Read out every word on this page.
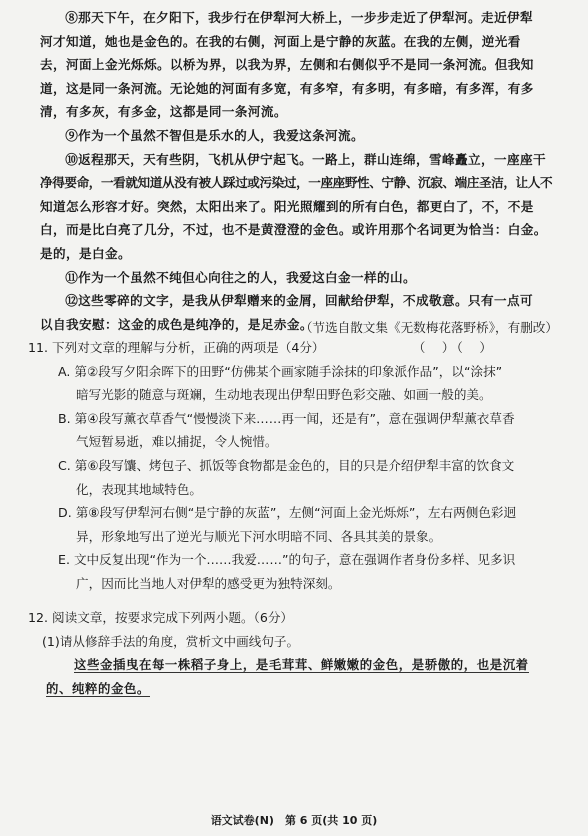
⑧那天下午，在夕阳下，我步行在伊犁河大桥上，一步步走近了伊犁河。走近伊犁
河才知道，她也是金色的。在我的右侧，河面上是宁静的灰蓝。在我的左侧，逆光看
去，河面上金光烁烁。以桥为界，以我为界，左侧和右侧似乎不是同一条河流。但我知
道，这是同一条河流。无论她的河面有多宽，有多窄，有多明，有多暗，有多浑，有多
清，有多灰，有多金，这都是同一条河流。

⑨作为一个虽然不智但是乐水的人，我爱这条河流。

⑩返程那天，天有些阴，飞机从伊宁起飞。一路上，群山连绵，雪峰矗立，一座座干
净得要命，一看就知道从没有被人踩过或污染过，一座座野性、宁静、沉寂、端庄圣洁，让人不
知道怎么形容才好。突然，太阳出来了。阳光照耀到的所有白色，都更白了，不，不是
白，而是比白亮了几分，不过，也不是黄澄澄的金色。或许用那个名词更为恰当：白金。
是的，是白金。

⑪作为一个虽然不纯但心向往之的人，我爱这白金一样的山。

⑫这些零碎的文字，是我从伊犁赠来的金屑，回献给伊犁，不成敬意。只有一点可
以自我安慰：这金的成色是纯净的，是足赤金。

（节选自散文集《无数梅花落野桥》，有删改）
11. 下列对文章的理解与分析，正确的两项是（4分）	（　）（　）

A. 第②段写夕阳余晖下的田野“仿佛某个画家随手涂抹的印象派作品”，以“涂抹”
暗写光影的随意与斑斓，生动地表现出伊犁田野色彩交融、如画一般的美。

B. 第④段写薰衣草香气“慢慢淡下来……再一闻，还是有”，意在强调伊犁薰衣草香
气短暂易逝，难以捕捉，令人惋惜。

C. 第⑥段写馕、烤包子、抓饭等食物都是金色的，目的只是介绍伊犁丰富的饮食文
化，表现其地域特色。

D. 第⑧段写伊犁河右侧“是宁静的灰蓝”，左侧“河面上金光烁烁”，左右两侧色彩迥
异，形象地写出了逆光与顺光下河水明暗不同、各具其美的景象。

E. 文中反复出现“作为一个……我爱……”的句子，意在强调作者身份多样、见多识
广，因而比当地人对伊犁的感受更为独特深刻。

12. 阅读文章，按要求完成下列两小题。（6分）
(1)请从修辞手法的角度，赏析文中画线句子。
这些金插曳在每一株稻子身上，是毛茸茸、鲜嫩嫩的金色，是骄傲的，也是沉着
的、纯粹的金色。
语文试卷(N)　第 6 页(共 10 页)
